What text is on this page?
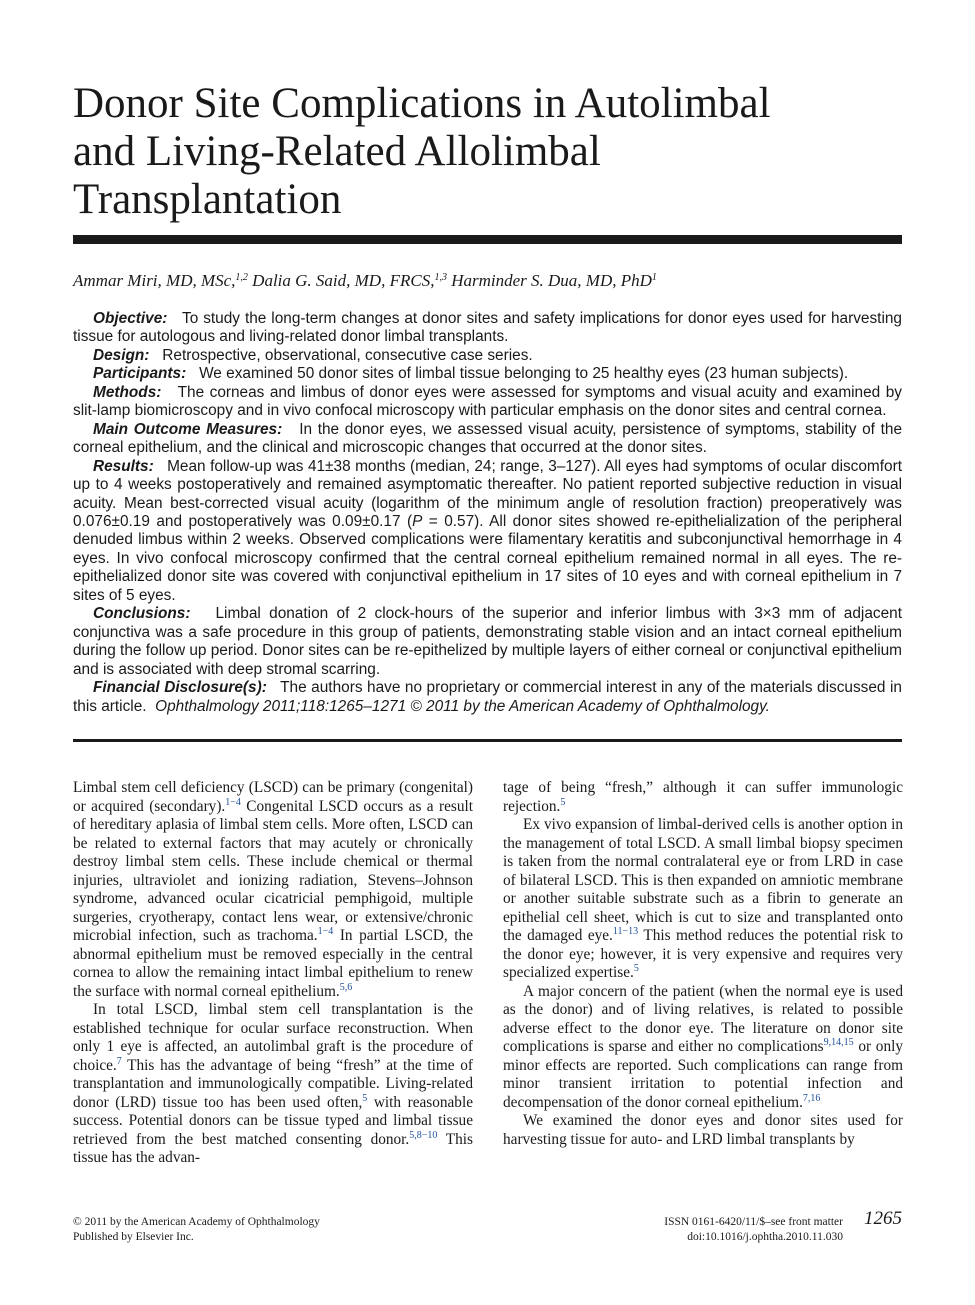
Donor Site Complications in Autolimbal
and Living-Related Allolimbal
Transplantation
Ammar Miri, MD, MSc,$^{1,2}$ Dalia G. Said, MD, FRCS,$^{1,3}$ Harminder S. Dua, MD, PhD$^1$

Objective: To study the long-term changes at donor sites and safety implications for donor eyes used for harvesting tissue for autologous and living-related donor limbal transplants.

Design: Retrospective, observational, consecutive case series.

Participants: We examined 50 donor sites of limbal tissue belonging to 25 healthy eyes (23 human subjects).

Methods: The corneas and limbus of donor eyes were assessed for symptoms and visual acuity and examined by slit-lamp biomicroscopy and in vivo confocal microscopy with particular emphasis on the donor sites and central cornea.

Main Outcome Measures: In the donor eyes, we assessed visual acuity, persistence of symptoms, stability of the corneal epithelium, and the clinical and microscopic changes that occurred at the donor sites.

Results: Mean follow-up was 41±38 months (median, 24; range, 3–127). All eyes had symptoms of ocular discomfort up to 4 weeks postoperatively and remained asymptomatic thereafter. No patient reported subjective reduction in visual acuity. Mean best-corrected visual acuity (logarithm of the minimum angle of resolution fraction) preoperatively was 0.076±0.19 and postoperatively was 0.09±0.17 (P = 0.57). All donor sites showed re-epithelialization of the peripheral denuded limbus within 2 weeks. Observed complications were filamentary keratitis and subconjunctival hemorrhage in 4 eyes. In vivo confocal microscopy confirmed that the central corneal epithelium remained normal in all eyes. The re-epithelialized donor site was covered with conjunctival epithelium in 17 sites of 10 eyes and with corneal epithelium in 7 sites of 5 eyes.

Conclusions: Limbal donation of 2 clock-hours of the superior and inferior limbus with 3×3 mm of adjacent conjunctiva was a safe procedure in this group of patients, demonstrating stable vision and an intact corneal epithelium during the follow up period. Donor sites can be re-epithelized by multiple layers of either corneal or conjunctival epithelium and is associated with deep stromal scarring.

Financial Disclosure(s): The authors have no proprietary or commercial interest in any of the materials discussed in this article. Ophthalmology 2011;118:1265–1271 © 2011 by the American Academy of Ophthalmology.

Limbal stem cell deficiency (LSCD) can be primary (congenital) or acquired (secondary).$^{1-4}$ Congenital LSCD occurs as a result of hereditary aplasia of limbal stem cells. More often, LSCD can be related to external factors that may acutely or chronically destroy limbal stem cells. These include chemical or thermal injuries, ultraviolet and ionizing radiation, Stevens–Johnson syndrome, advanced ocular cicatricial pemphigoid, multiple surgeries, cryotherapy, contact lens wear, or extensive/chronic microbial infection, such as trachoma.$^{1-4}$ In partial LSCD, the abnormal epithelium must be removed especially in the central cornea to allow the remaining intact limbal epithelium to renew the surface with normal corneal epithelium.$^{5,6}$

In total LSCD, limbal stem cell transplantation is the established technique for ocular surface reconstruction. When only 1 eye is affected, an autolimbal graft is the procedure of choice.$^7$ This has the advantage of being “fresh” at the time of transplantation and immunologically compatible. Living-related donor (LRD) tissue too has been used often,$^5$ with reasonable success. Potential donors can be tissue typed and limbal tissue retrieved from the best matched consenting donor.$^{5,8-10}$ This tissue has the advan-

tage of being “fresh,” although it can suffer immunologic rejection.$^5$

Ex vivo expansion of limbal-derived cells is another option in the management of total LSCD. A small limbal biopsy specimen is taken from the normal contralateral eye or from LRD in case of bilateral LSCD. This is then expanded on amniotic membrane or another suitable substrate such as a fibrin to generate an epithelial cell sheet, which is cut to size and transplanted onto the damaged eye.$^{11-13}$ This method reduces the potential risk to the donor eye; however, it is very expensive and requires very specialized expertise.$^5$

A major concern of the patient (when the normal eye is used as the donor) and of living relatives, is related to possible adverse effect to the donor eye. The literature on donor site complications is sparse and either no complications$^{9,14,15}$ or only minor effects are reported. Such complications can range from minor transient irritation to potential infection and decompensation of the donor corneal epithelium.$^{7,16}$

We examined the donor eyes and donor sites used for harvesting tissue for auto- and LRD limbal transplants by

© 2011 by the American Academy of Ophthalmology
Published by Elsevier Inc.
ISSN 0161-6420/11/$–see front matter
doi:10.1016/j.ophtha.2010.11.030
1265
